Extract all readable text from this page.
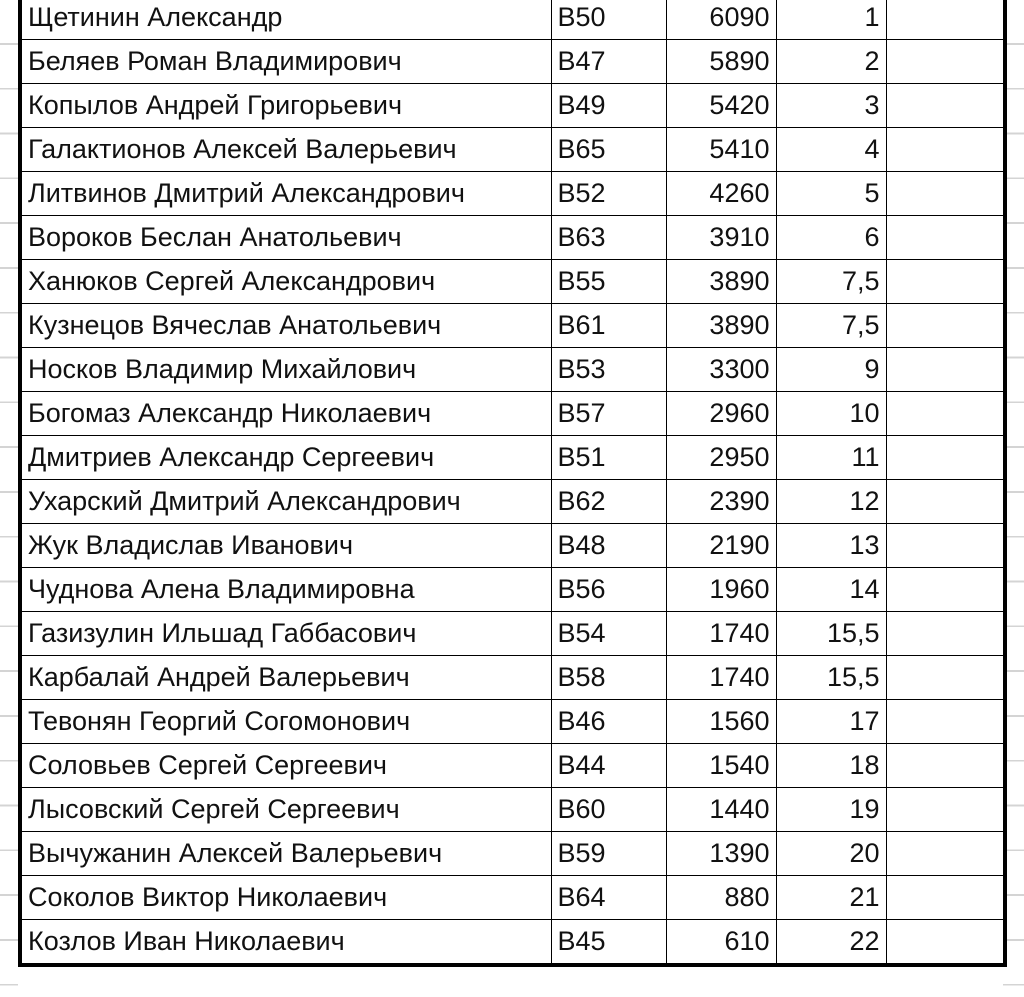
Щетинин Александр	B50	6090	1	
Беляев Роман Владимирович	B47	5890	2	
Копылов Андрей Григорьевич	B49	5420	3	
Галактионов Алексей Валерьевич	B65	5410	4	
Литвинов Дмитрий Александрович	B52	4260	5	
Вороков Беслан Анатольевич	B63	3910	6	
Ханюков Сергей Александрович	B55	3890	7,5	
Кузнецов Вячеслав Анатольевич	B61	3890	7,5	
Носков Владимир Михайлович	B53	3300	9	
Богомаз Александр Николаевич	B57	2960	10	
Дмитриев Александр Сергеевич	B51	2950	11	
Ухарский Дмитрий Александрович	B62	2390	12	
Жук Владислав Иванович	B48	2190	13	
Чуднова Алена Владимировна	B56	1960	14	
Газизулин Ильшад Габбасович	B54	1740	15,5	
Карбалай Андрей Валерьевич	B58	1740	15,5	
Тевонян Георгий Согомонович	B46	1560	17	
Соловьев Сергей Сергеевич	B44	1540	18	
Лысовский Сергей Сергеевич	B60	1440	19	
Вычужанин Алексей Валерьевич	B59	1390	20	
Соколов Виктор Николаевич	B64	880	21	
Козлов Иван Николаевич	B45	610	22	
